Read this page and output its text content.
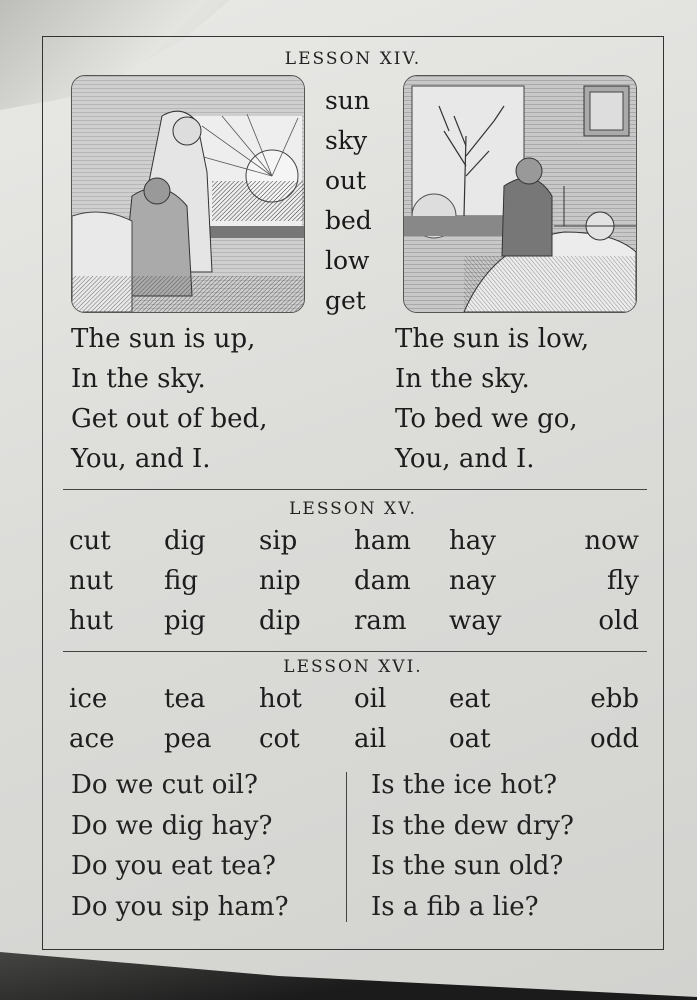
LESSON XIV.
sun
sky
out
bed
low
get
The sun is up,
In the sky.
Get out of bed,
You, and I.
The sun is low,
In the sky.
To bed we go,
You, and I.
LESSON XV.
cut	dig	sip	ham	hay	now
nut	fig	nip	dam	nay	fly
hut	pig	dip	ram	way	old
LESSON XVI.
ice	tea	hot	oil	eat	ebb
ace	pea	cot	ail	oat	odd
Do we cut oil?
Do we dig hay?
Do you eat tea?
Do you sip ham?
Is the ice hot?
Is the dew dry?
Is the sun old?
Is a fib a lie?
